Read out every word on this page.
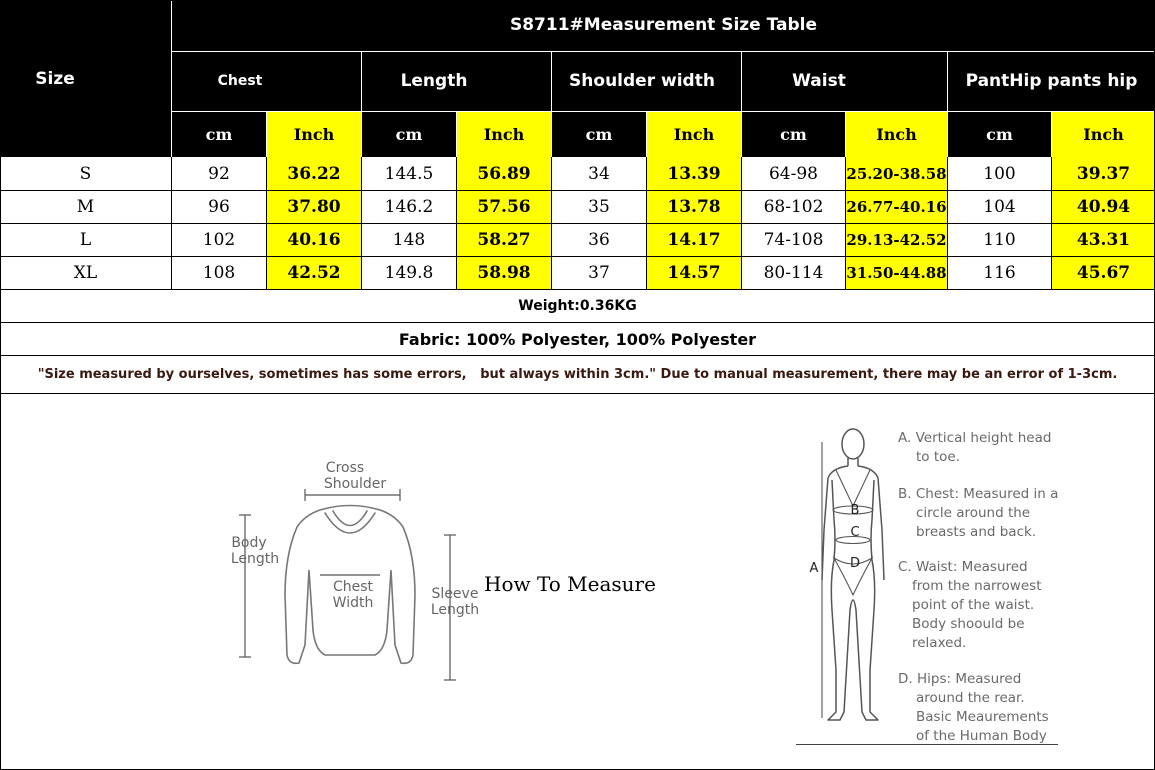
Size
S8711#Measurement Size Table
Chest	Length	Shoulder width	Waist	PantHip pants hip
cm	Inch	cm	Inch	cm	Inch	cm	Inch	cm	Inch
S	92	36.22	144.5	56.89	34	13.39	64-98	25.20-38.58	100	39.37
M	96	37.80	146.2	57.56	35	13.78	68-102	26.77-40.16	104	40.94
L	102	40.16	148	58.27	36	14.17	74-108	29.13-42.52	110	43.31
XL	108	42.52	149.8	58.98	37	14.57	80-114	31.50-44.88	116	45.67
Weight:0.36KG
Fabric: 100% Polyester, 100% Polyester
"Size measured by ourselves, sometimes has some errors,   but always within 3cm." Due to manual measurement, there may be an error of 1-3cm.
Cross
Shoulder
Body
Length
Chest
Width
Sleeve
Length
How To Measure
A
B
C
D
A. Vertical height head
to toe.
B. Chest: Measured in a
circle around the
breasts and back.
C. Waist: Measured
from the narrowest
point of the waist.
Body shoould be
relaxed.
D. Hips: Measured
around the rear.
Basic Meaurements
of the Human Body
